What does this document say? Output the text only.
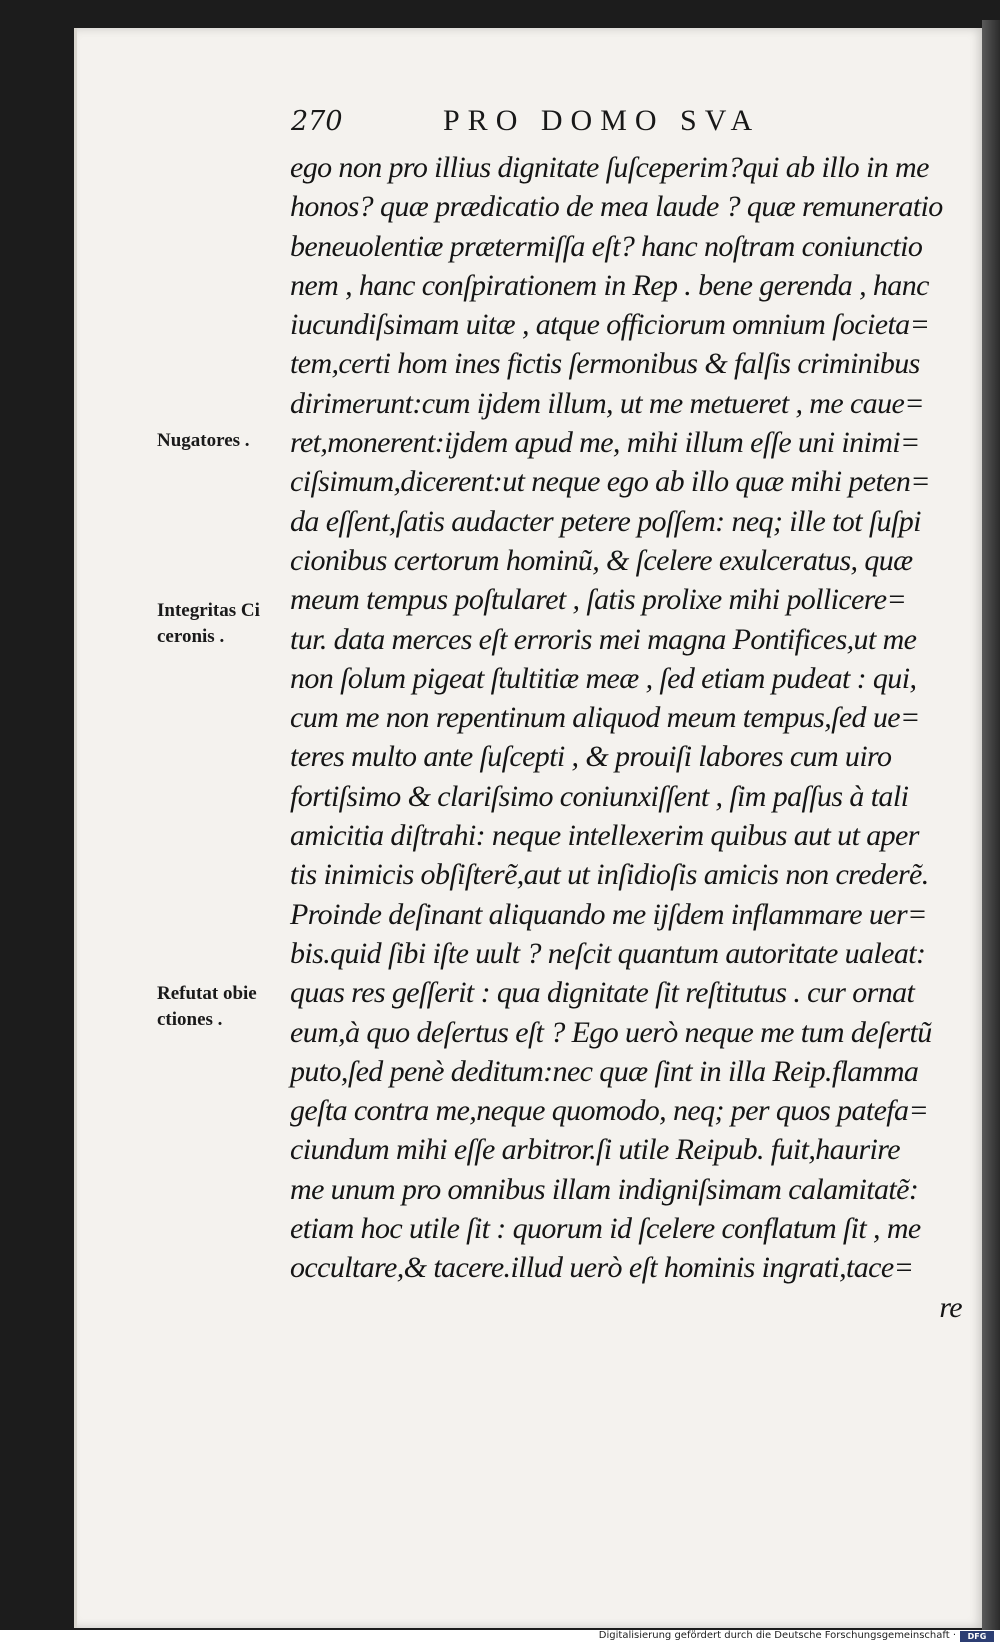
270	PRO DOMO SVA
ego non pro illius dignitate ſuſceperim?qui ab illo in me
honos? quæ prædicatio de mea laude ? quæ remuneratio
beneuolentiæ prætermiſſa eſt? hanc noſtram coniunctio
nem , hanc conſpirationem in Rep . bene gerenda , hanc
iucundiſsimam uitæ , atque officiorum omnium ſocieta=
tem,certi hom ines fictis ſermonibus & falſis criminibus
dirimerunt:cum ijdem illum, ut me metueret , me caue=
ret,monerent:ijdem apud me, mihi illum eſſe uni inimi=
ciſsimum,dicerent:ut neque ego ab illo quæ mihi peten=
da eſſent,ſatis audacter petere poſſem: neq; ille tot ſuſpi
cionibus certorum hominũ, & ſcelere exulceratus, quæ
meum tempus poſtularet , ſatis prolixe mihi pollicere=
tur. data merces eſt erroris mei magna Pontifices,ut me
non ſolum pigeat ſtultitiæ meæ , ſed etiam pudeat : qui,
cum me non repentinum aliquod meum tempus,ſed ue=
teres multo ante ſuſcepti , & prouiſi labores cum uiro
fortiſsimo & clariſsimo coniunxiſſent , ſim paſſus à tali
amicitia diſtrahi: neque intellexerim quibus aut ut aper
tis inimicis obſiſterẽ,aut ut inſidioſis amicis non crederẽ.
Proinde deſinant aliquando me ijſdem inflammare uer=
bis.quid ſibi iſte uult ? neſcit quantum autoritate ualeat:
quas res geſſerit : qua dignitate ſit reſtitutus . cur ornat
eum,à quo deſertus eſt ? Ego uerò neque me tum deſertũ
puto,ſed penè deditum:nec quæ ſint in illa Reip.flamma
geſta contra me,neque quomodo, neq; per quos patefa=
ciundum mihi eſſe arbitror.ſi utile Reipub. fuit,haurire
me unum pro omnibus illam indigniſsimam calamitatẽ:
etiam hoc utile ſit : quorum id ſcelere conflatum ſit , me
occultare,& tacere.illud uerò eſt hominis ingrati,tace=
re
Nugatores .
Integritas Ci
ceronis .
Refutat obie
ctiones .
Digitalisierung gefördert durch die Deutsche Forschungsgemeinschaft ·	DFG
